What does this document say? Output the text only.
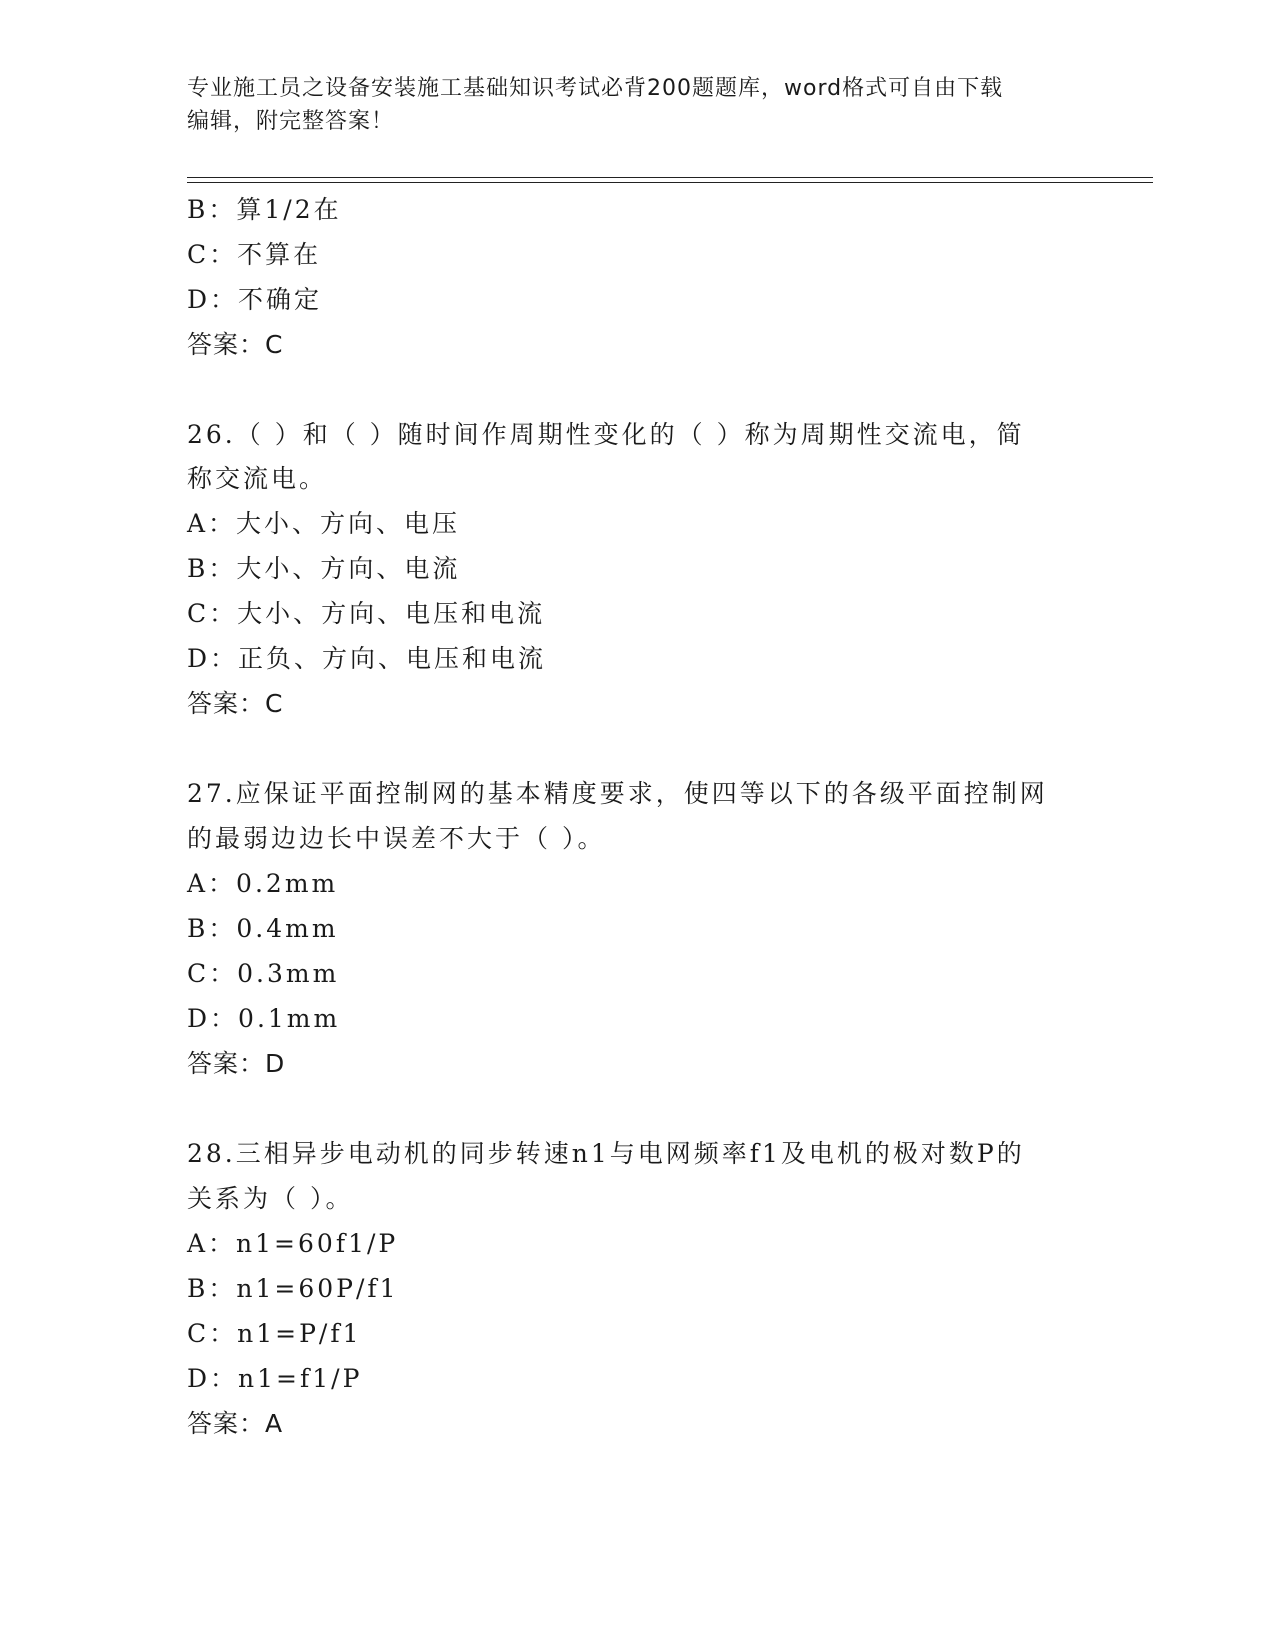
专业施工员之设备安装施工基础知识考试必背200题题库，word格式可自由下载
编辑，附完整答案！
B：算1/2在
C：不算在
D：不确定
答案：C
26.（ ）和（ ）随时间作周期性变化的（ ）称为周期性交流电，简
称交流电。
A：大小、方向、电压
B：大小、方向、电流
C：大小、方向、电压和电流
D：正负、方向、电压和电流
答案：C
27.应保证平面控制网的基本精度要求，使四等以下的各级平面控制网
的最弱边边长中误差不大于（ ）。
A：0.2mm
B：0.4mm
C：0.3mm
D：0.1mm
答案：D
28.三相异步电动机的同步转速n1与电网频率f1及电机的极对数P的
关系为（ ）。
A：n1=60f1/P
B：n1=60P/f1
C：n1=P/f1
D：n1=f1/P
答案：A
